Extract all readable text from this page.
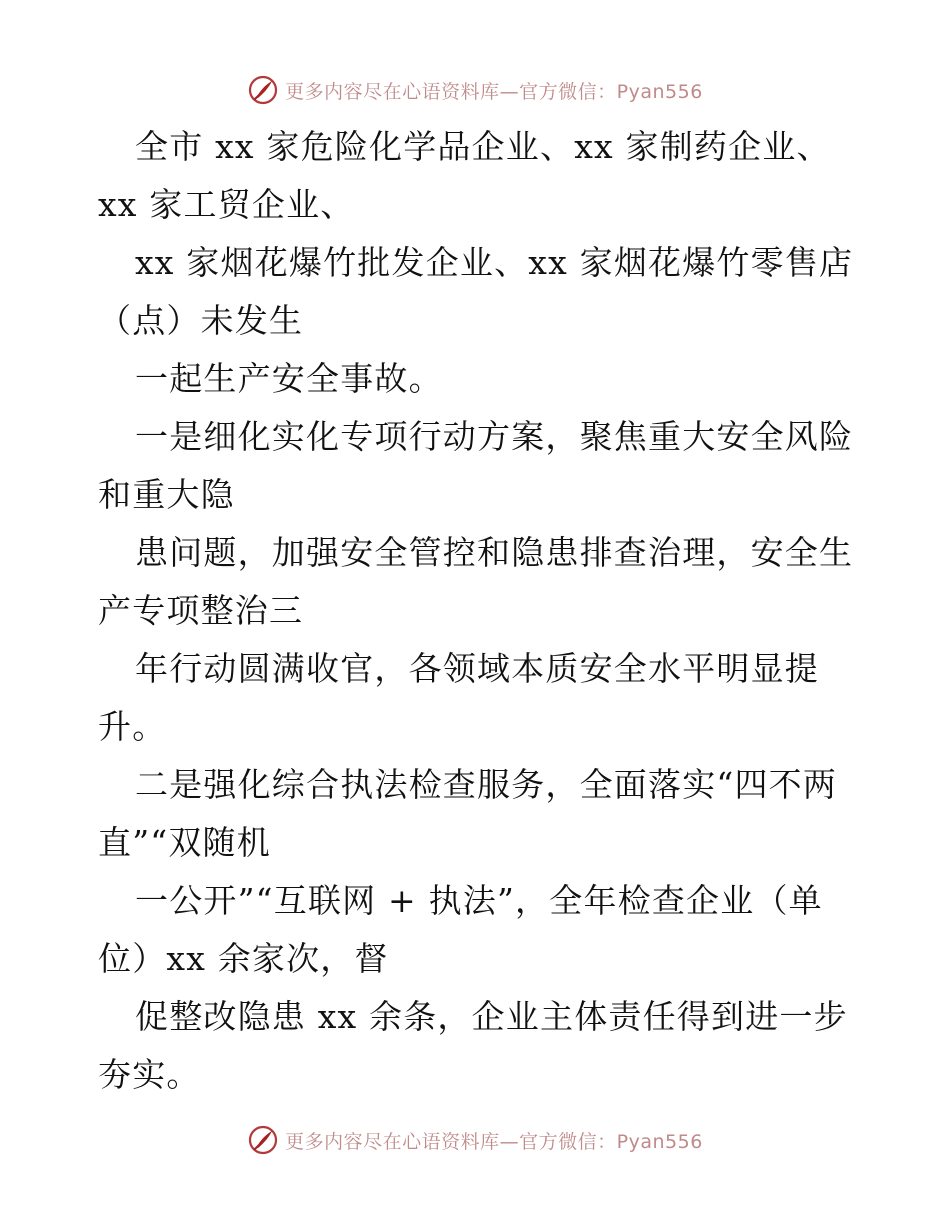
更多内容尽在心语资料库—官方微信：Pyan556
全市 xx 家危险化学品企业、xx 家制药企业、
xx 家工贸企业、
xx 家烟花爆竹批发企业、xx 家烟花爆竹零售店
（点）未发生
一起生产安全事故。
一是细化实化专项行动方案，聚焦重大安全风险
和重大隐
患问题，加强安全管控和隐患排查治理，安全生
产专项整治三
年行动圆满收官，各领域本质安全水平明显提
升。
二是强化综合执法检查服务，全面落实“四不两
直”“双随机
一公开”“互联网 + 执法”，全年检查企业（单
位）xx 余家次，督
促整改隐患 xx 余条，企业主体责任得到进一步
夯实。
更多内容尽在心语资料库—官方微信：Pyan556
